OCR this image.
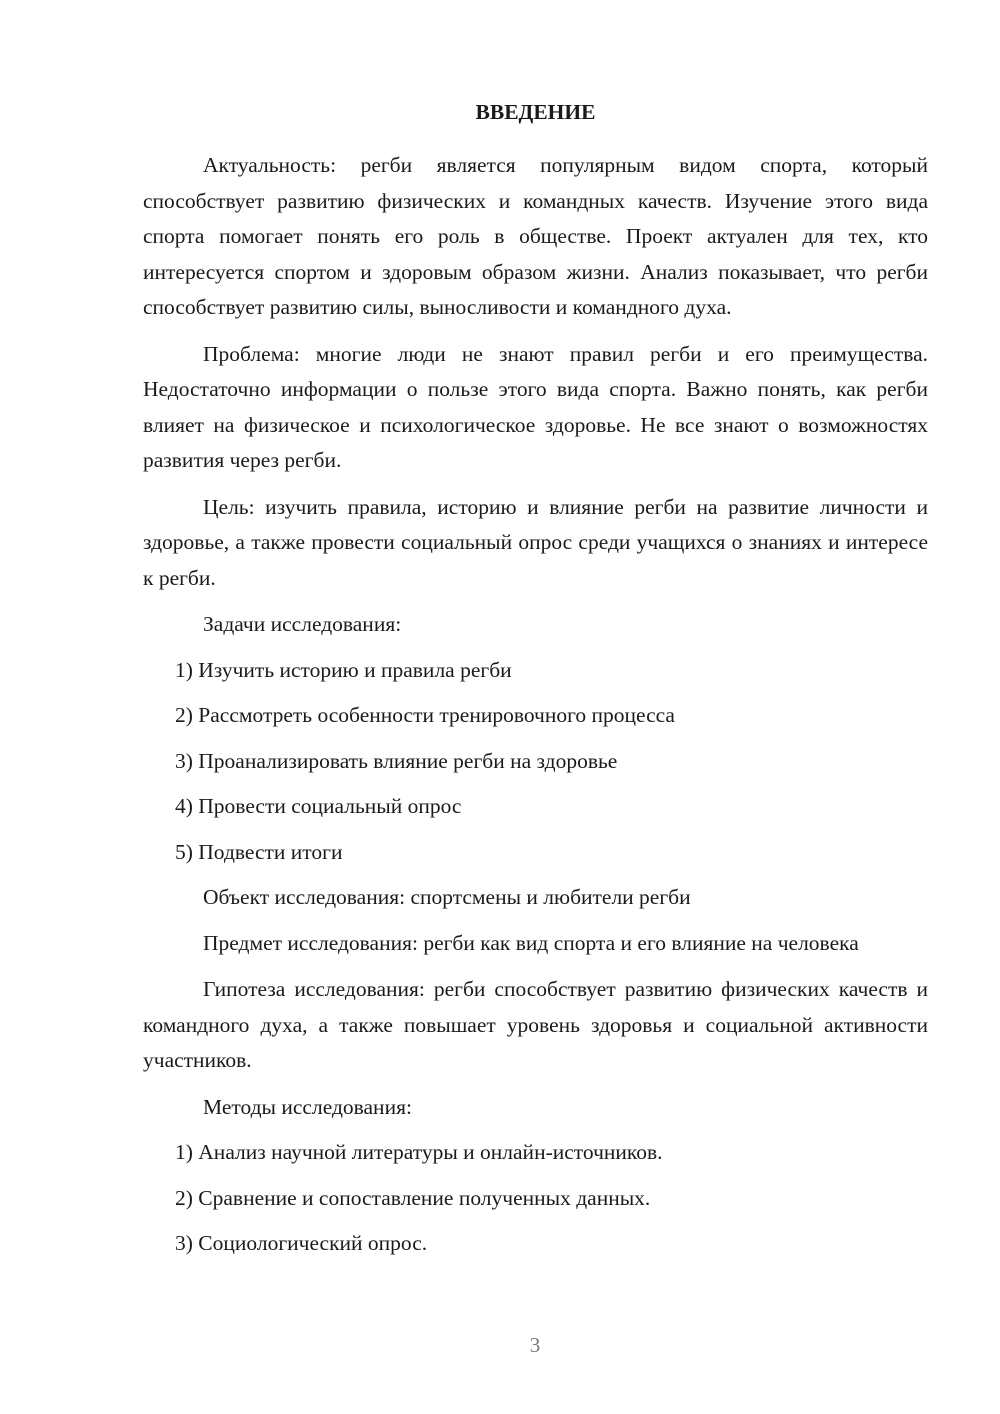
ВВЕДЕНИЕ

Актуальность: регби является популярным видом спорта, который способствует развитию физических и командных качеств. Изучение этого вида спорта помогает понять его роль в обществе. Проект актуален для тех, кто интересуется спортом и здоровым образом жизни. Анализ показывает, что регби способствует развитию силы, выносливости и командного духа.

Проблема: многие люди не знают правил регби и его преимущества. Недостаточно информации о пользе этого вида спорта. Важно понять, как регби влияет на физическое и психологическое здоровье. Не все знают о возможностях развития через регби.

Цель: изучить правила, историю и влияние регби на развитие личности и здоровье, а также провести социальный опрос среди учащихся о знаниях и интересе к регби.

Задачи исследования:
1) Изучить историю и правила регби
2) Рассмотреть особенности тренировочного процесса
3) Проанализировать влияние регби на здоровье
4) Провести социальный опрос
5) Подвести итоги
Объект исследования: спортсмены и любители регби

Предмет исследования: регби как вид спорта и его влияние на человека

Гипотеза исследования: регби способствует развитию физических качеств и командного духа, а также повышает уровень здоровья и социальной активности участников.

Методы исследования:
1) Анализ научной литературы и онлайн-источников.
2) Сравнение и сопоставление полученных данных.
3) Социологический опрос.
3
